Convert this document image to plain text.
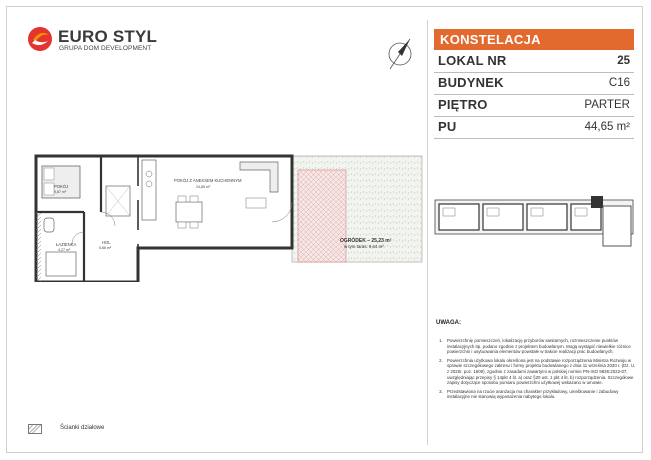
EURO STYL
GRUPA DOM DEVELOPMENT
KONSTELACJA
LOKAL NR	25
BUDYNEK	C16
PIĘTRO	PARTER
PU	44,65 m²
POKÓJ
9,87 m²
HOL
5,66 m²
ŁAZIENKA
4,27 m²
POKÓJ Z ANEKSEM KUCHENNYM
24,85 m²
OGRÓDEK – 25,23 m²
w tym taras: 9,64 m²
UWAGA:
1. Powierzchnię pomieszczeń, lokalizację przyborów sanitarnych, rozmieszczenie punktów instalacyjnych itp. podano zgodnie z projektem budowlanym. Mogą wystąpić niewielkie różnice powierzchni i usytuowania elementów powstałe w trakcie realizacji prac budowlanych.
2. Powierzchnia użytkowa lokalu określona jest na podstawie rozporządzenia Ministra Rozwoju w sprawie szczegółowego zakresu i formy projektu budowlanego z dnia 11 września 2020 r. (Dz. U. z 2020r. poz. 1609), zgodnie z zasadami zawartymi w polskiej normie PN-ISO 9836:2022-07, uwzględniając przepisy § 14pkt 4 lit. a) oraz §20 ust. 1 pkt 4 lit. b) rozporządzenia. Szczegółowe zapisy dotyczące sposobu pomiaru powierzchni użytkowej wskazano w umowie.
3. Przedstawiona na rzucie aranżacja ma charakter przykładowy, umeblowanie i zabudowy instalacyjne nie stanowią wyposażenia nabytego lokalu.
Ścianki działowe
